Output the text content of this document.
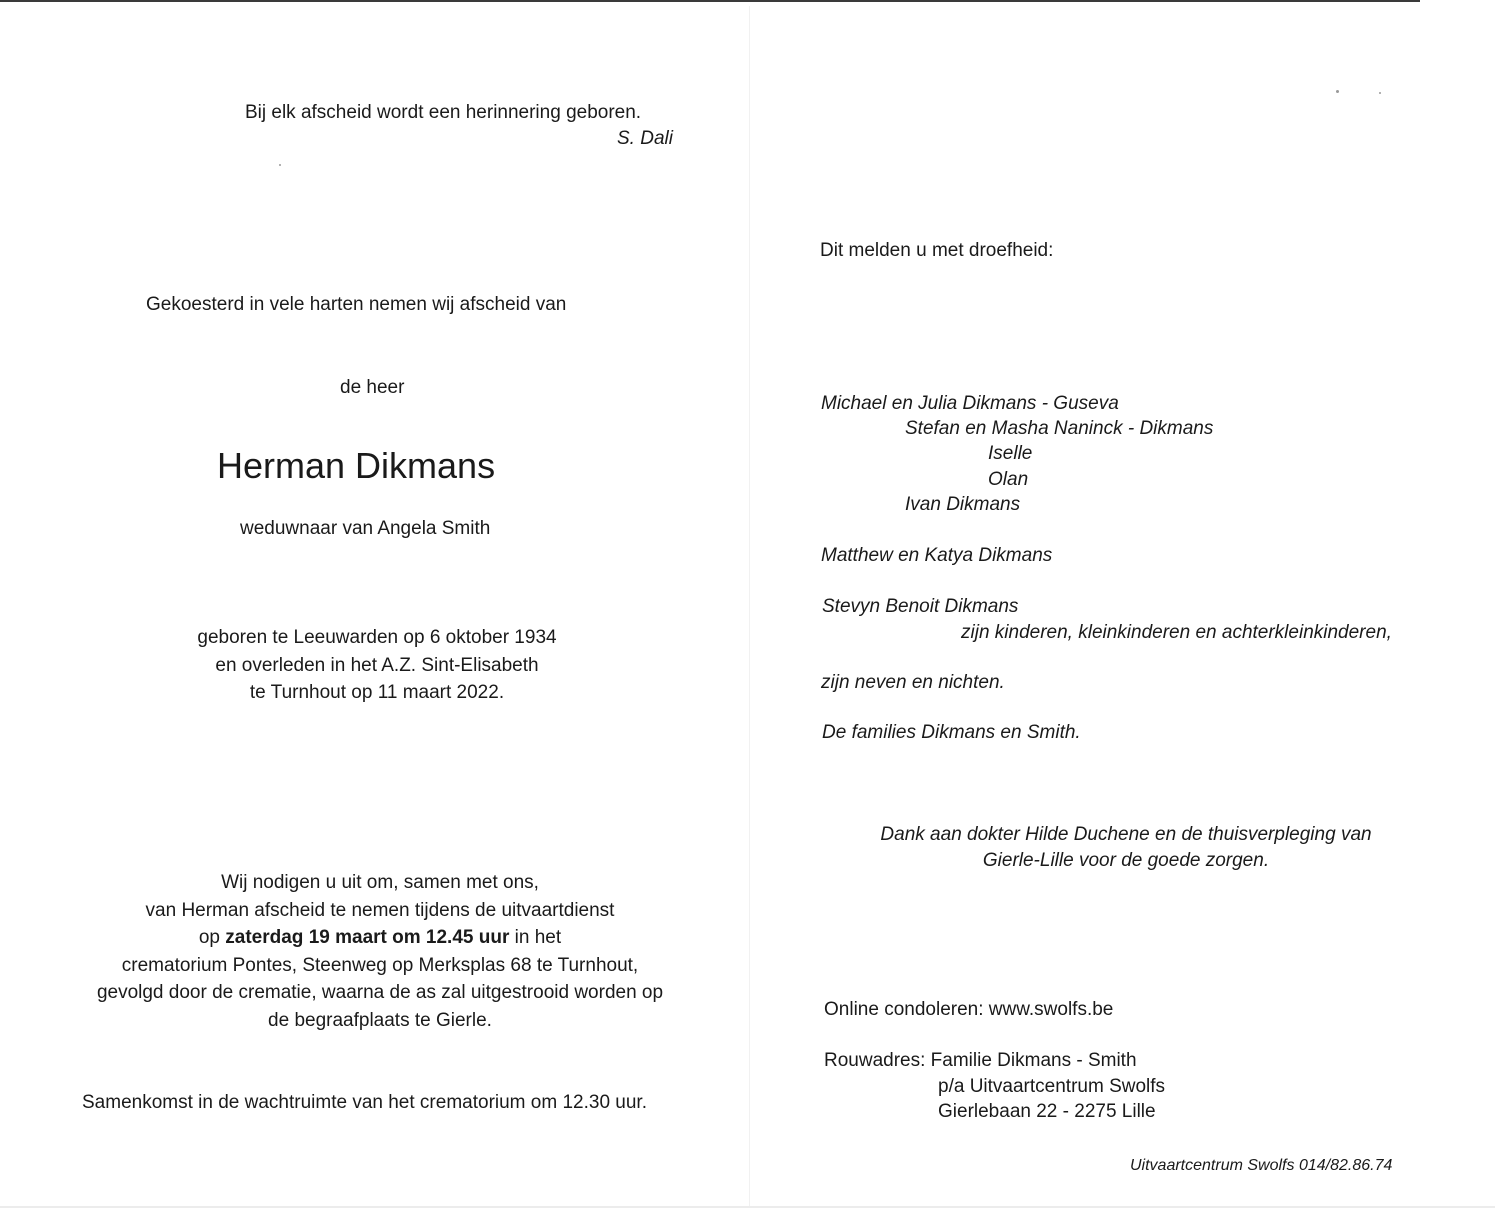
Bij elk afscheid wordt een herinnering geboren.
S. Dali
Gekoesterd in vele harten nemen wij afscheid van
de heer
Herman Dikmans
weduwnaar van Angela Smith
geboren te Leeuwarden op 6 oktober 1934
en overleden in het A.Z. Sint-Elisabeth
te Turnhout op 11 maart 2022.
Wij nodigen u uit om, samen met ons,
van Herman afscheid te nemen tijdens de uitvaartdienst
op zaterdag 19 maart om 12.45 uur in het
crematorium Pontes, Steenweg op Merksplas 68 te Turnhout,
gevolgd door de crematie, waarna de as zal uitgestrooid worden op
de begraafplaats te Gierle.
Samenkomst in de wachtruimte van het crematorium om 12.30 uur.
Dit melden u met droefheid:
Michael en Julia Dikmans - Guseva
Stefan en Masha Naninck - Dikmans
Iselle
Olan
Ivan Dikmans
Matthew en Katya Dikmans
Stevyn Benoit Dikmans
zijn kinderen, kleinkinderen en achterkleinkinderen,
zijn neven en nichten.
De families Dikmans en Smith.
Dank aan dokter Hilde Duchene en de thuisverpleging van
Gierle-Lille voor de goede zorgen.
Online condoleren: www.swolfs.be
Rouwadres: Familie Dikmans - Smith
p/a Uitvaartcentrum Swolfs
Gierlebaan 22 - 2275 Lille
Uitvaartcentrum Swolfs 014/82.86.74
